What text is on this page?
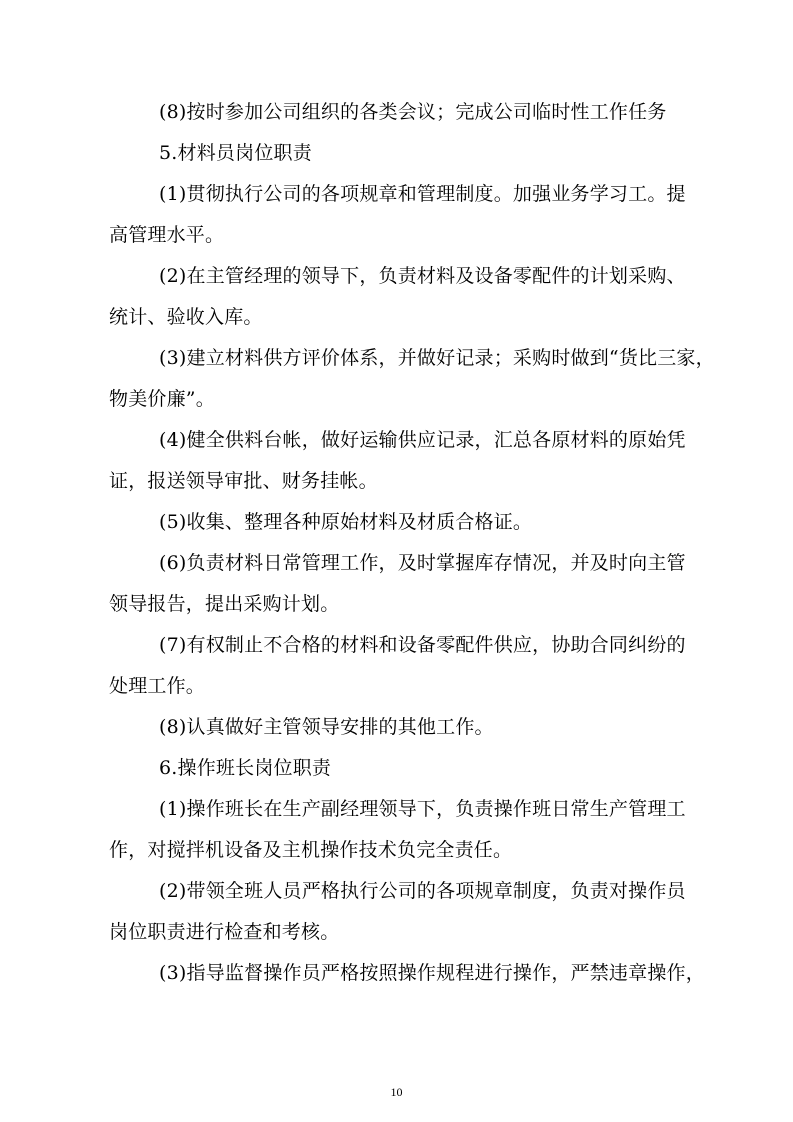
(8)按时参加公司组织的各类会议；完成公司临时性工作任务
5.材料员岗位职责
(1)贯彻执行公司的各项规章和管理制度。加强业务学习工。提
高管理水平。
(2)在主管经理的领导下，负责材料及设备零配件的计划采购、
统计、验收入库。
(3)建立材料供方评价体系，并做好记录；采购时做到“货比三家，
物美价廉”。
(4)健全供料台帐，做好运输供应记录，汇总各原材料的原始凭
证，报送领导审批、财务挂帐。
(5)收集、整理各种原始材料及材质合格证。
(6)负责材料日常管理工作，及时掌握库存情况，并及时向主管
领导报告，提出采购计划。
(7)有权制止不合格的材料和设备零配件供应，协助合同纠纷的
处理工作。
(8)认真做好主管领导安排的其他工作。
6.操作班长岗位职责
(1)操作班长在生产副经理领导下，负责操作班日常生产管理工
作，对搅拌机设备及主机操作技术负完全责任。
(2)带领全班人员严格执行公司的各项规章制度，负责对操作员
岗位职责进行检查和考核。
(3)指导监督操作员严格按照操作规程进行操作，严禁违章操作，
10
